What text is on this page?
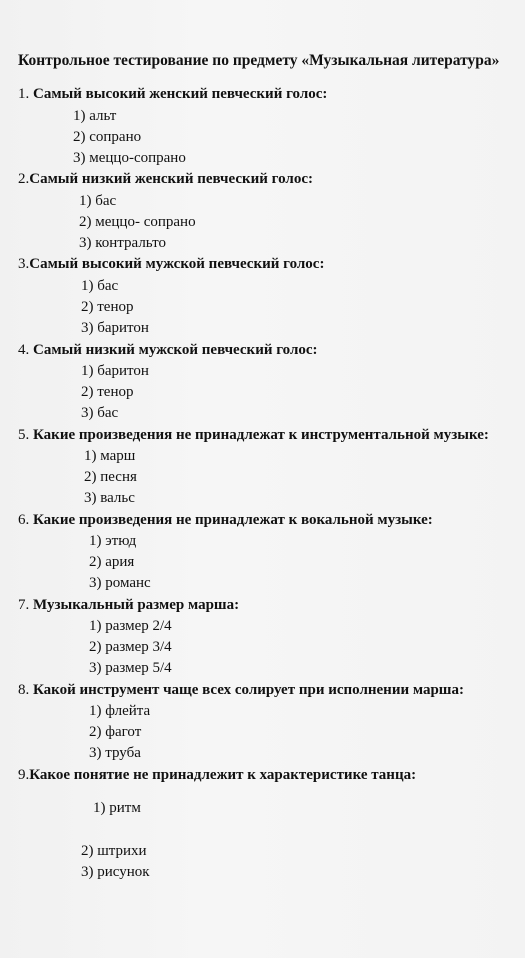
Контрольное тестирование по предмету «Музыкальная литература»
1. Самый высокий женский певческий голос:
1) альт
2) сопрано
3) меццо-сопрано
2.Самый низкий женский певческий голос:
1) бас
2) меццо- сопрано
3) контральто
3.Самый высокий мужской певческий голос:
1) бас
2) тенор
3) баритон
4. Самый низкий мужской певческий голос:
1) баритон
2) тенор
3) бас
5. Какие произведения не принадлежат к инструментальной музыке:
1) марш
2) песня
3) вальс
6. Какие произведения не принадлежат к вокальной музыке:
1) этюд
2) ария
3) романс
7. Музыкальный размер марша:
1) размер 2/4
2) размер 3/4
3) размер 5/4
8. Какой инструмент чаще всех солирует при исполнении марша:
1) флейта
2) фагот
3) труба
9.Какое понятие не принадлежит к характеристике танца:
1) ритм
2) штрихи
3) рисунок
